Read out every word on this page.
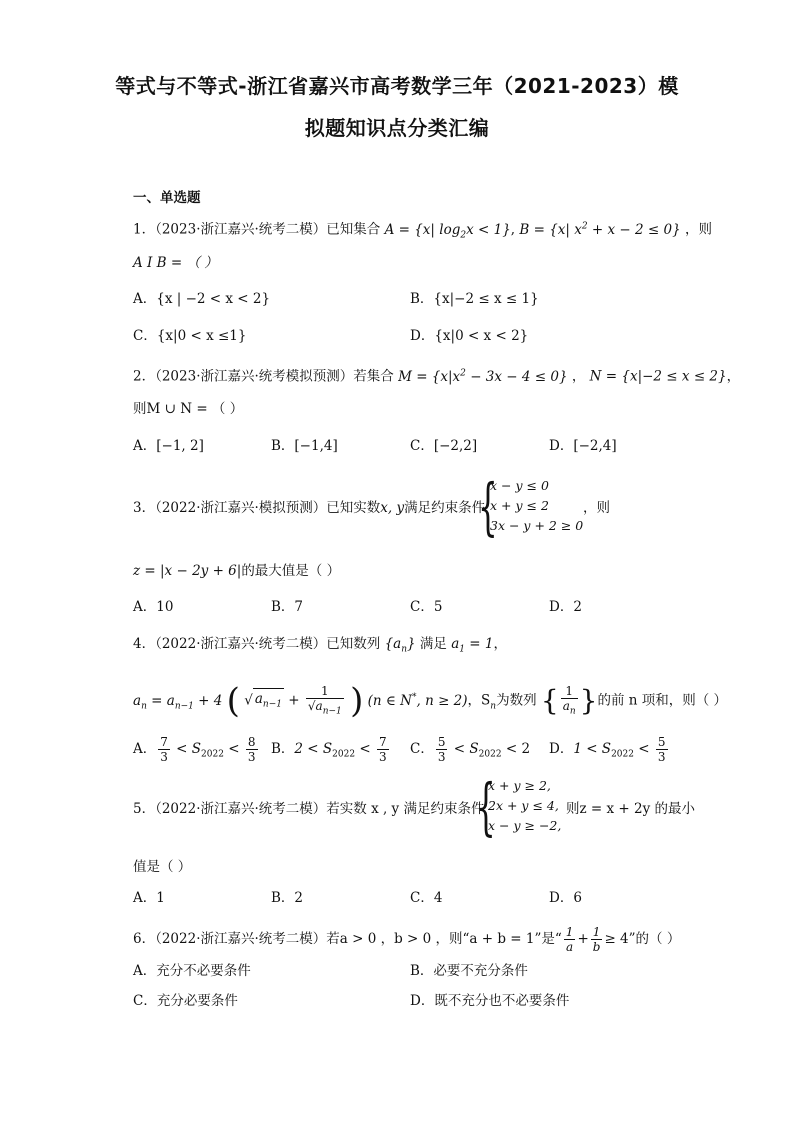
等式与不等式-浙江省嘉兴市高考数学三年（2021-2023）模
拟题知识点分类汇编
一、单选题
1．（2023·浙江嘉兴·统考二模）已知集合 A = {x| $\log_2x < 1$}, B = {x| $x^2 + x - 2 \le 0$} ，则
A I B = （ ）
A．{x | −2 < x < 2}	B．{x|−2 ≤ x ≤ 1}
C．{x|0 < x ≤1}	D．{x|0 < x < 2}
2．（2023·浙江嘉兴·统考模拟预测）若集合 $M = \{x|x^2 - 3x - 4 \le 0\}$ ， N = {x|−2 ≤ x ≤ 2}，
则M ∪ N = （ ）
A．[−1, 2]	B．[−1,4]	C．[−2,2]	D．[−2,4]
3．（2022·浙江嘉兴·模拟预测）已知实数x, y满足约束条件
{
x − y ≤ 0
x + y ≤ 2
3x − y + 2 ≥ 0
，则
z = |x − 2y + 6|的最大值是（ ）
A．10	B．7	C．5	D．2
4．（2022·浙江嘉兴·统考二模）已知数列 $\{a_n\}$ 满足 $a_1 = 1$，
$a_n = a_{n-1} + 4$ ( √ $a_{n-1} + \frac{1}{√a_{n-1}}$ ) (n ∈ N*, n ≥ 2)，$S_n$为数列 { $\frac{1}{a_n}$ }的前 n 项和，则（ ）
A． $\frac{7}{3} < S_{2022} < \frac{8}{3}$ B．$2 < S_{2022} < \frac{7}{3}$ C． $\frac{5}{3} < S_{2022} < 2$ D．$1 < S_{2022} < \frac{5}{3}$
5．（2022·浙江嘉兴·统考二模）若实数 x , y 满足约束条件
{
x + y ≥ 2,
2x + y ≤ 4,
x − y ≥ −2,
则z = x + 2y 的最小
值是（ ）
A．1	B．2	C．4	D．6
6．（2022·浙江嘉兴·统考二模）若a > 0 ，b > 0 ，则“a + b = 1”是“ $\frac{1}{a} + \frac{1}{b} \ge 4$”的（ ）
A．充分不必要条件	B．必要不充分条件
C．充分必要条件	D．既不充分也不必要条件
